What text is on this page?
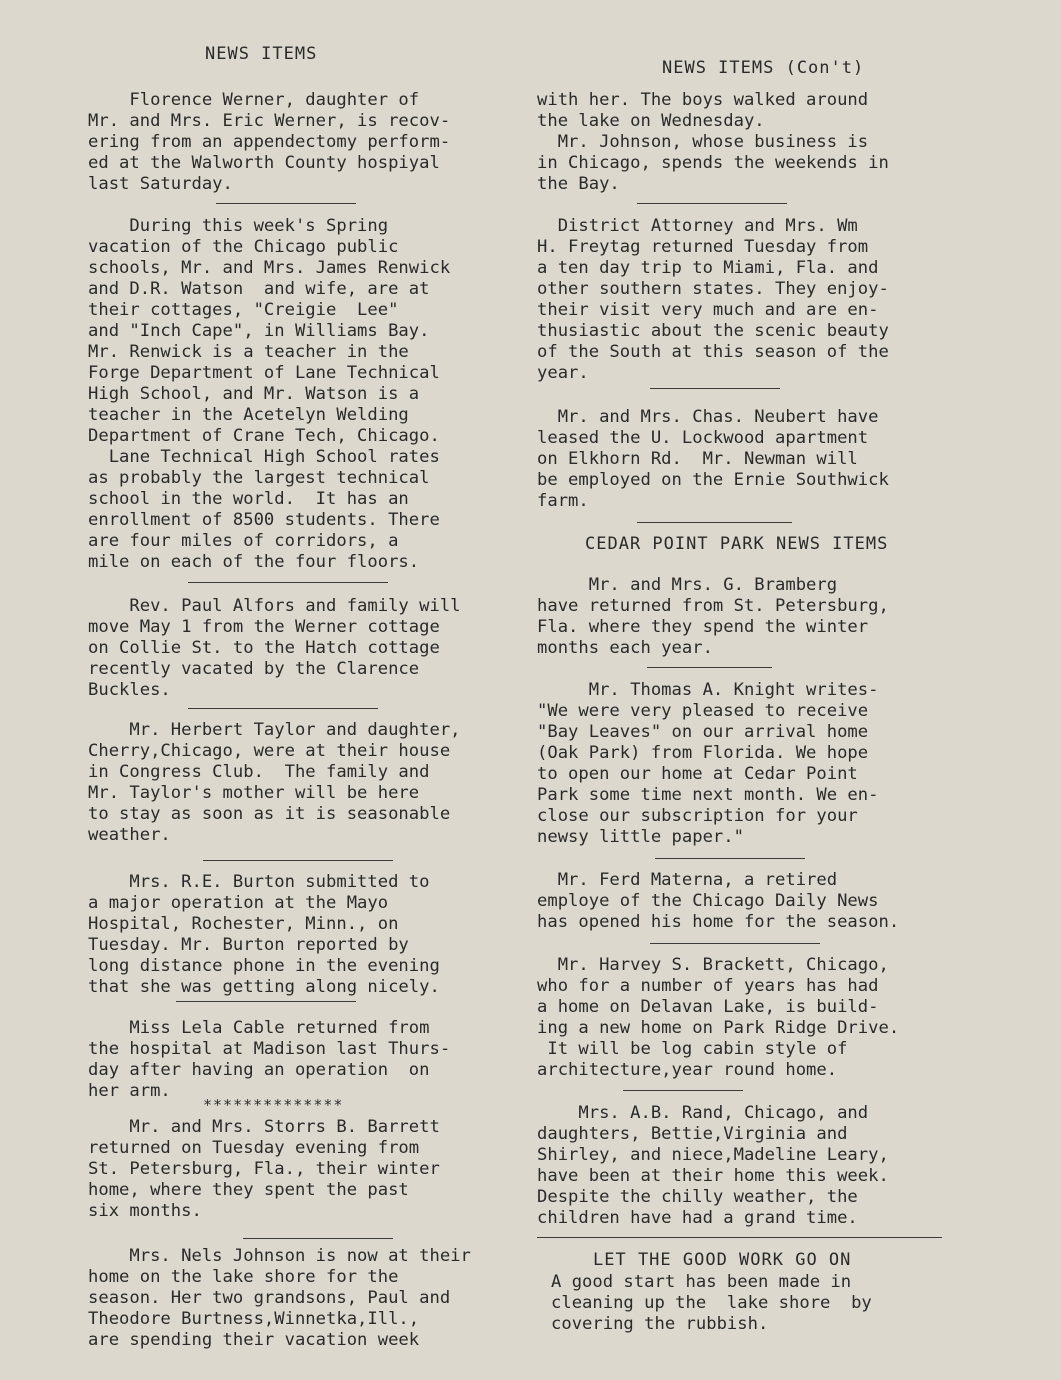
NEWS ITEMS
NEWS ITEMS (Con't)
Florence Werner, daughter of
Mr. and Mrs. Eric Werner, is recov-
ering from an appendectomy perform-
ed at the Walworth County hospiyal
last Saturday.
During this week's Spring
vacation of the Chicago public
schools, Mr. and Mrs. James Renwick
and D.R. Watson  and wife, are at
their cottages, "Creigie  Lee"
and "Inch Cape", in Williams Bay.
Mr. Renwick is a teacher in the
Forge Department of Lane Technical
High School, and Mr. Watson is a
teacher in the Acetelyn Welding
Department of Crane Tech, Chicago.
Lane Technical High School rates
as probably the largest technical
school in the world.  It has an
enrollment of 8500 students. There
are four miles of corridors, a
mile on each of the four floors.
Rev. Paul Alfors and family will
move May 1 from the Werner cottage
on Collie St. to the Hatch cottage
recently vacated by the Clarence
Buckles.
Mr. Herbert Taylor and daughter,
Cherry,Chicago, were at their house
in Congress Club.  The family and
Mr. Taylor's mother will be here
to stay as soon as it is seasonable
weather.
Mrs. R.E. Burton submitted to
a major operation at the Mayo
Hospital, Rochester, Minn., on
Tuesday. Mr. Burton reported by
long distance phone in the evening
that she was getting along nicely.
Miss Lela Cable returned from
the hospital at Madison last Thurs-
day after having an operation  on
her arm.
**************
Mr. and Mrs. Storrs B. Barrett
returned on Tuesday evening from
St. Petersburg, Fla., their winter
home, where they spent the past
six months.
Mrs. Nels Johnson is now at their
home on the lake shore for the
season. Her two grandsons, Paul and
Theodore Burtness,Winnetka,Ill.,
are spending their vacation week
with her. The boys walked around
the lake on Wednesday.
Mr. Johnson, whose business is
in Chicago, spends the weekends in
the Bay.
District Attorney and Mrs. Wm
H. Freytag returned Tuesday from
a ten day trip to Miami, Fla. and
other southern states. They enjoy-
their visit very much and are en-
thusiastic about the scenic beauty
of the South at this season of the
year.
Mr. and Mrs. Chas. Neubert have
leased the U. Lockwood apartment
on Elkhorn Rd.  Mr. Newman will
be employed on the Ernie Southwick
farm.
CEDAR POINT PARK NEWS ITEMS
Mr. and Mrs. G. Bramberg
have returned from St. Petersburg,
Fla. where they spend the winter
months each year.
Mr. Thomas A. Knight writes-
"We were very pleased to receive
"Bay Leaves" on our arrival home
(Oak Park) from Florida. We hope
to open our home at Cedar Point
Park some time next month. We en-
close our subscription for your
newsy little paper."
Mr. Ferd Materna, a retired
employe of the Chicago Daily News
has opened his home for the season.
Mr. Harvey S. Brackett, Chicago,
who for a number of years has had
a home on Delavan Lake, is build-
ing a new home on Park Ridge Drive.
It will be log cabin style of
architecture,year round home.
Mrs. A.B. Rand, Chicago, and
daughters, Bettie,Virginia and
Shirley, and niece,Madeline Leary,
have been at their home this week.
Despite the chilly weather, the
children have had a grand time.
LET THE GOOD WORK GO ON
A good start has been made in
cleaning up the  lake shore  by
covering the rubbish.
